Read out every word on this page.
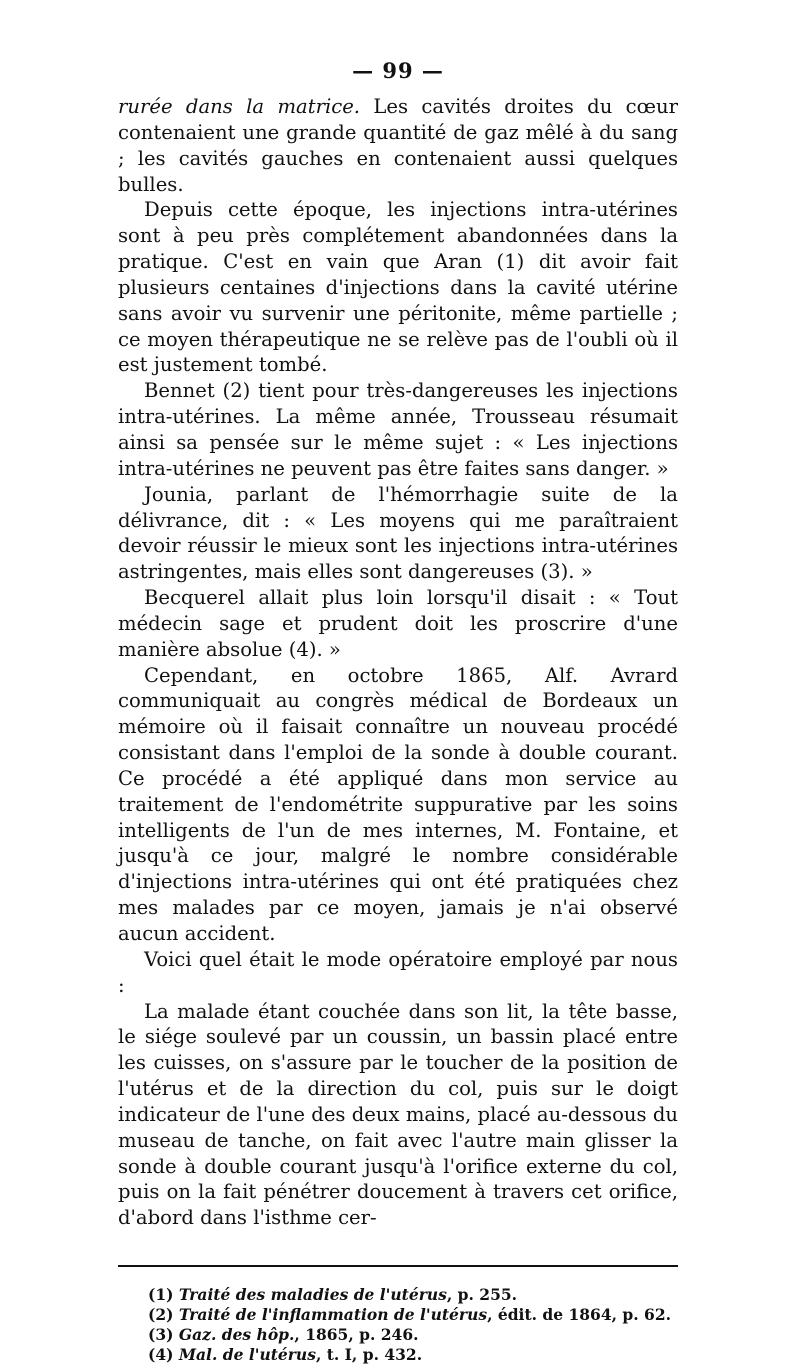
— 99 —

rurée dans la matrice. Les cavités droites du cœur contenaient une grande quantité de gaz mêlé à du sang ; les cavités gauches en contenaient aussi quelques bulles.

Depuis cette époque, les injections intra-utérines sont à peu près complétement abandonnées dans la pratique. C'est en vain que Aran (1) dit avoir fait plusieurs centaines d'injections dans la cavité utérine sans avoir vu survenir une péritonite, même partielle ; ce moyen thérapeutique ne se relève pas de l'oubli où il est justement tombé.

Bennet (2) tient pour très-dangereuses les injections intra-utérines. La même année, Trousseau résumait ainsi sa pensée sur le même sujet : « Les injections intra-utérines ne peuvent pas être faites sans danger. »

Jounia, parlant de l'hémorrhagie suite de la délivrance, dit : « Les moyens qui me paraîtraient devoir réussir le mieux sont les injections intra-utérines astringentes, mais elles sont dangereuses (3). »

Becquerel allait plus loin lorsqu'il disait : « Tout médecin sage et prudent doit les proscrire d'une manière absolue (4). »

Cependant, en octobre 1865, Alf. Avrard communiquait au congrès médical de Bordeaux un mémoire où il faisait connaître un nouveau procédé consistant dans l'emploi de la sonde à double courant. Ce procédé a été appliqué dans mon service au traitement de l'endométrite suppurative par les soins intelligents de l'un de mes internes, M. Fontaine, et jusqu'à ce jour, malgré le nombre considérable d'injections intra-utérines qui ont été pratiquées chez mes malades par ce moyen, jamais je n'ai observé aucun accident.

Voici quel était le mode opératoire employé par nous :

La malade étant couchée dans son lit, la tête basse, le siége soulevé par un coussin, un bassin placé entre les cuisses, on s'assure par le toucher de la position de l'utérus et de la direction du col, puis sur le doigt indicateur de l'une des deux mains, placé au-dessous du museau de tanche, on fait avec l'autre main glisser la sonde à double courant jusqu'à l'orifice externe du col, puis on la fait pénétrer doucement à travers cet orifice, d'abord dans l'isthme cer-

(1) Traité des maladies de l'utérus, p. 255.

(2) Traité de l'inflammation de l'utérus, édit. de 1864, p. 62.

(3) Gaz. des hôp., 1865, p. 246.

(4) Mal. de l'utérus, t. I, p. 432.
